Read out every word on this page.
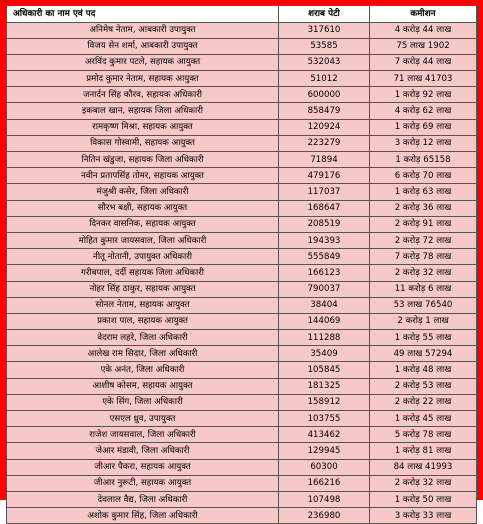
अधिकारी का नाम एवं पद	शराब पेटी	कमीशन
अनिमेष नेताम, आबकारी उपायुक्त	317610	4 करोड़ 44 लाख
विजय सेन शर्मा, आबकारी उपायुक्त	53585	75 लाख 1902
अरविंद कुमार पटले, सहायक आयुक्त	532043	7 करोड़ 44 लाख
प्रमोद कुमार नेताम, सहायक आयुक्त	51012	71 लाख 41703
जनार्दन सिंह कौरव, सहायक अधिकारी	600000	1 करोड़ 92 लाख
इकबाल खान, सहायक जिला अधिकारी	858479	4 करोड़ 62 लाख
रामकृष्ण मिश्रा, सहायक आयुक्त	120924	1 करोड़ 69 लाख
विकास गोस्वामी, सहायक आयुक्त	223279	3 करोड़ 12 लाख
नितिन खंडुजा, सहायक जिला अधिकारी	71894	1 करोड़ 65158
नवीन प्रतापसिंह तोमर, सहायक आयुक्त	479176	6 करोड़ 70 लाख
मंजुश्री कसेर, जिला अधिकारी	117037	1 करोड़ 63 लाख
सौरभ बक्षी, सहायक आयुक्त	168647	2 करोड़ 36 लाख
दिनकर वासनिक, सहायक आयुक्त	208519	2 करोड़ 91 लाख
मोहित कुमार जायसवाल, जिला अधिकारी	194393	2 करोड़ 72 लाख
नीतू नोतानी, उपायुक्त अधिकारी	555849	7 करोड़ 78 लाख
गरीबपाल, दर्दी सहायक जिला अधिकारी	166123	2 करोड़ 32 लाख
नोहर सिंह ठाकुर, सहायक आयुक्त	790037	11 करोड़ 6 लाख
सोनल नेताम, सहायक आयुक्त	38404	53 लाख 76540
प्रकाश पाल, सहायक आयुक्त	144069	2 करोड़ 1 लाख
वेदराम लहरे, जिला अधिकारी	111288	1 करोड़ 55 लाख
आलेख राम सिदार, जिला अधिकारी	35409	49 लाख 57294
एके अनंत, जिला अधिकारी	105845	1 करोड़ 48 लाख
आशीष कोसम, सहायक आयुक्त	181325	2 करोड़ 53 लाख
एके सिंग, जिला अधिकारी	158912	2 करोड़ 22 लाख
एसएल ध्रुव, उपायुक्त	103755	1 करोड़ 45 लाख
राजेश जायसवाल, जिला अधिकारी	413462	5 करोड़ 78 लाख
जेआर मंडावी, जिला अधिकारी	129945	1 करोड़ 81 लाख
जीआर पैकरा, सहायक आयुक्त	60300	84 लाख 41993
जीआर नुरूटी, सहायक आयुक्त	166216	2 करोड़ 32 लाख
देवलाल वैद्य, जिला अधिकारी	107498	1 करोड़ 50 लाख
अशोक कुमार सिंह, जिला अधिकारी	236980	3 करोड़ 33 लाख
